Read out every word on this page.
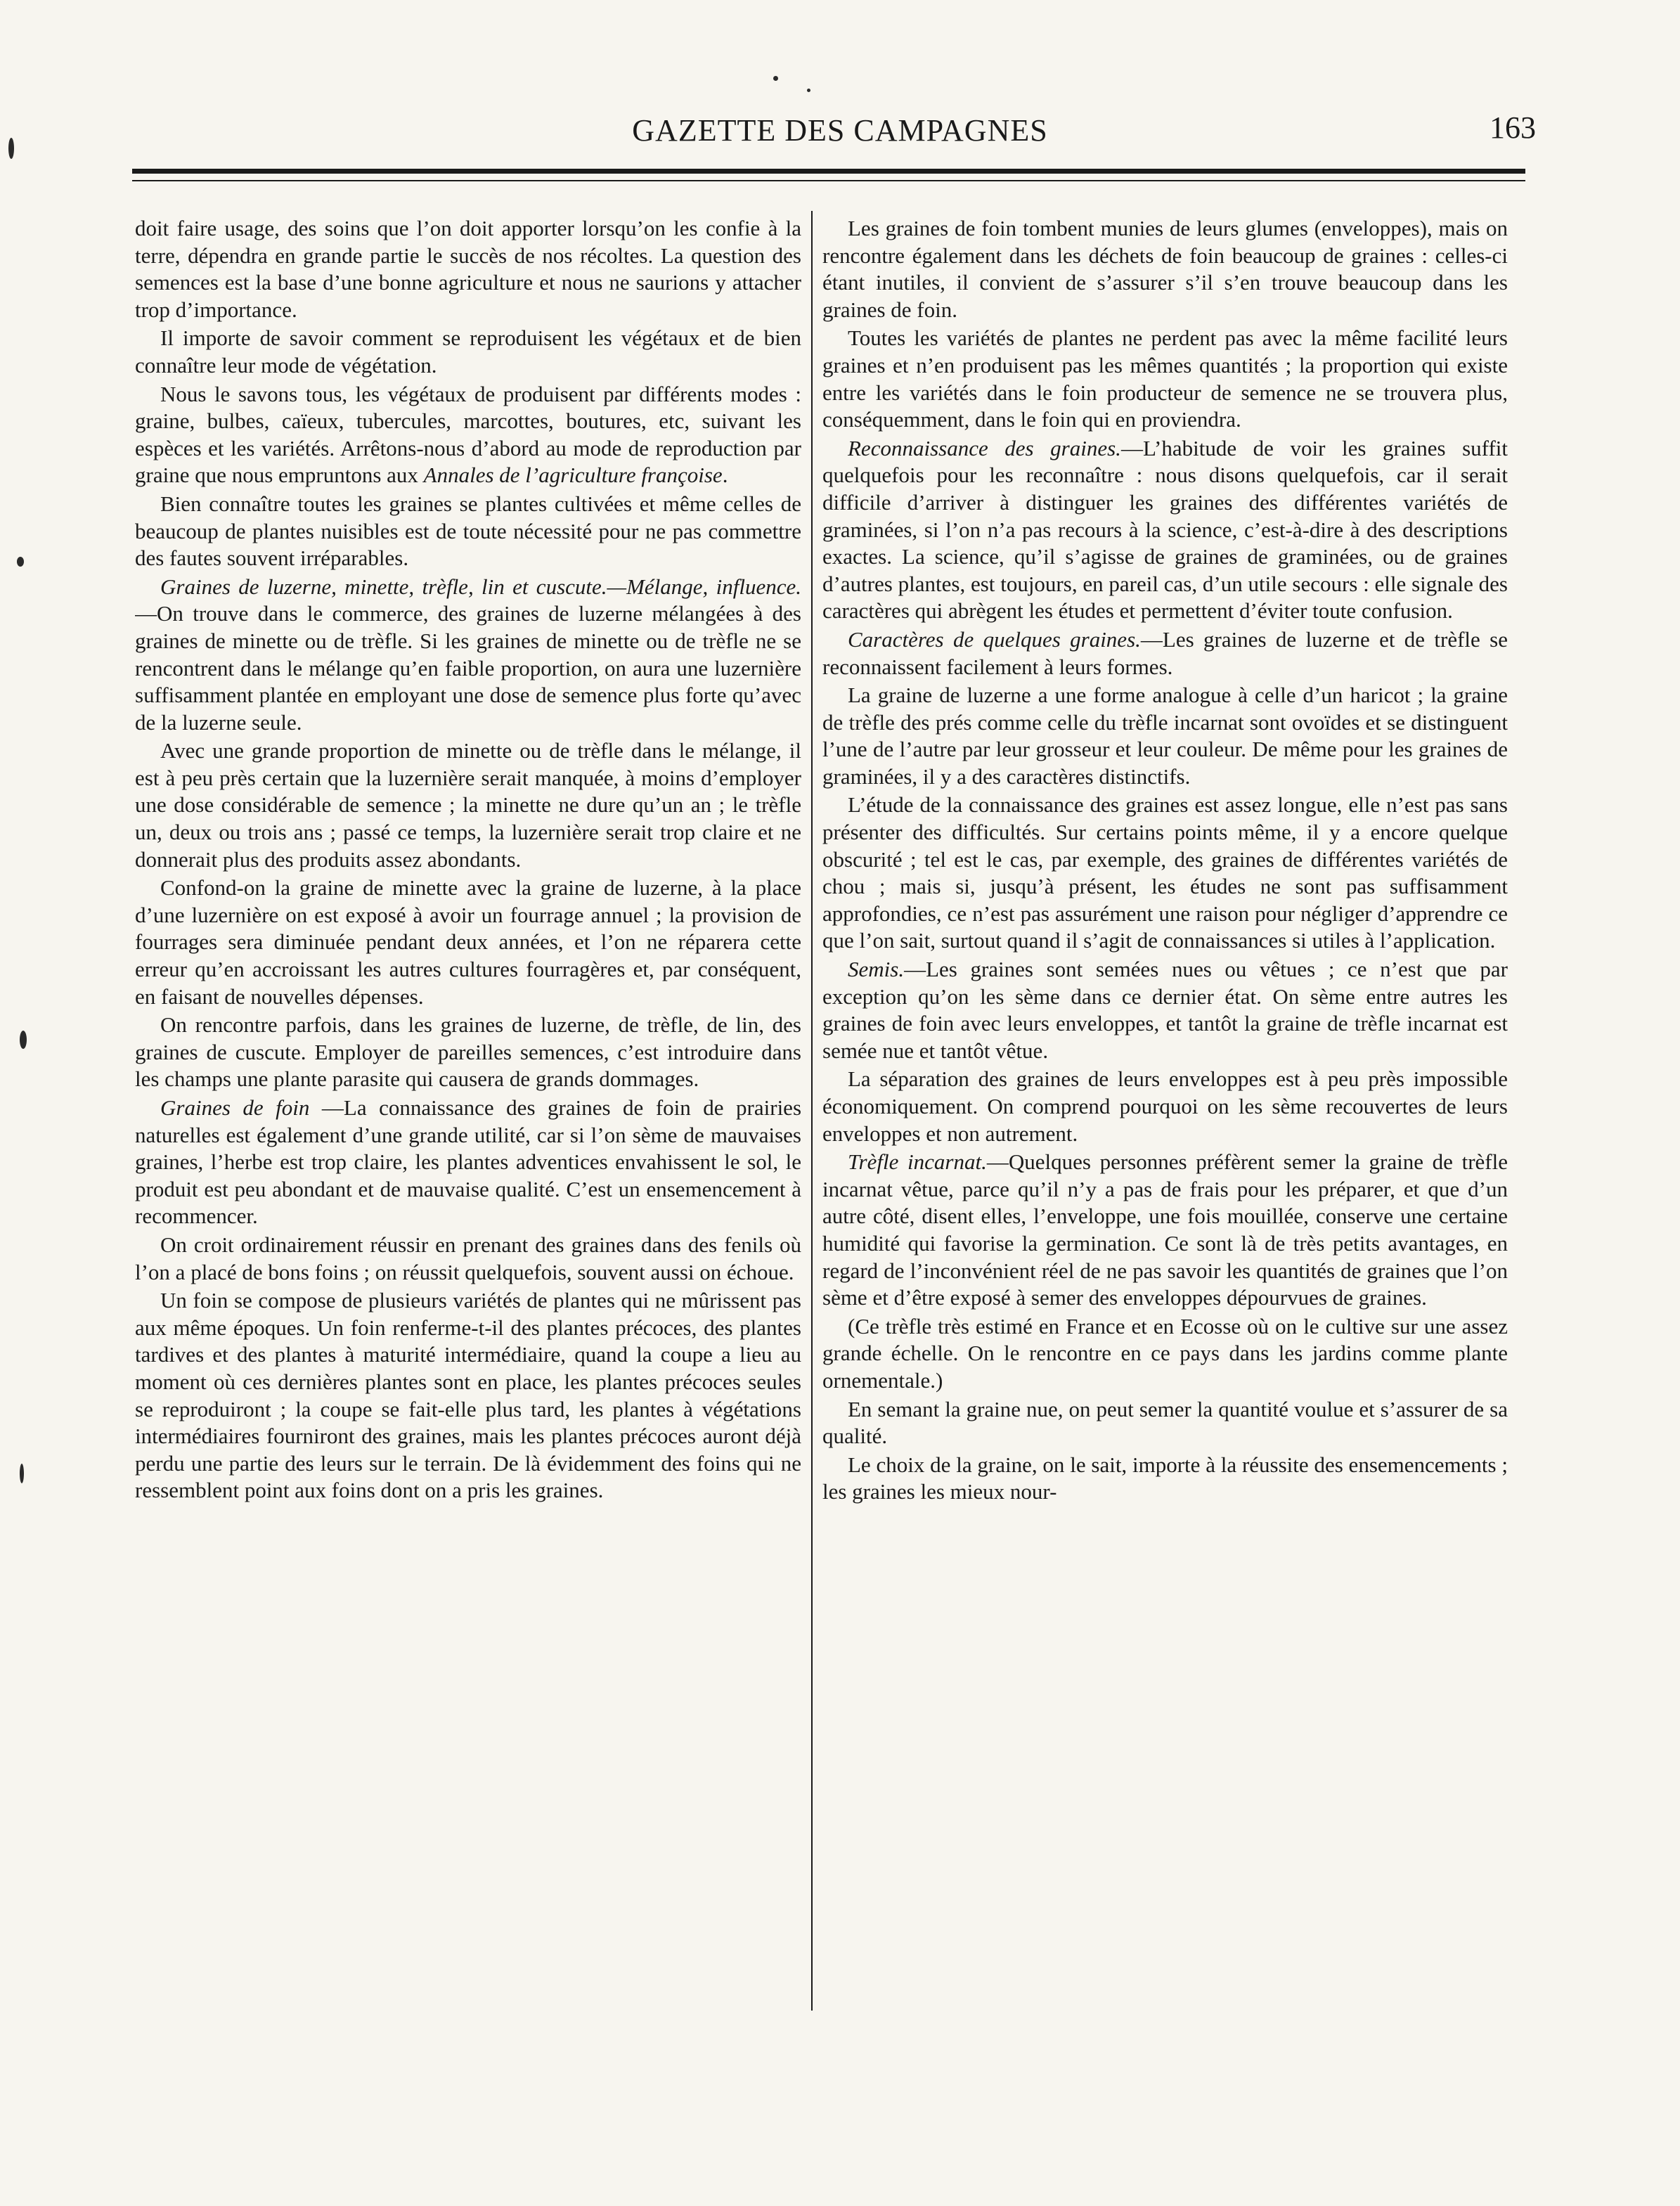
GAZETTE DES CAMPAGNES	163

doit faire usage, des soins que l’on doit apporter lorsqu’on les confie à la terre, dépendra en grande partie le succès de nos récoltes. La question des semences est la base d’une bonne agriculture et nous ne saurions y attacher trop d’importance.

Il importe de savoir comment se reproduisent les végétaux et de bien connaître leur mode de végétation.

Nous le savons tous, les végétaux de produisent par différents modes : graine, bulbes, caïeux, tubercules, marcottes, boutures, etc, suivant les espèces et les variétés. Arrêtons-nous d’abord au mode de reproduction par graine que nous empruntons aux Annales de l’agriculture françoise.

Bien connaître toutes les graines se plantes cultivées et même celles de beaucoup de plantes nuisibles est de toute nécessité pour ne pas commettre des fautes souvent irréparables.

Graines de luzerne, minette, trèfle, lin et cuscute.—Mélange, influence.—On trouve dans le commerce, des graines de luzerne mélangées à des graines de minette ou de trèfle. Si les graines de minette ou de trèfle ne se rencontrent dans le mélange qu’en faible proportion, on aura une luzernière suffisamment plantée en employant une dose de semence plus forte qu’avec de la luzerne seule.

Avec une grande proportion de minette ou de trèfle dans le mélange, il est à peu près certain que la luzernière serait manquée, à moins d’employer une dose considérable de semence ; la minette ne dure qu’un an ; le trèfle un, deux ou trois ans ; passé ce temps, la luzernière serait trop claire et ne donnerait plus des produits assez abondants.

Confond-on la graine de minette avec la graine de luzerne, à la place d’une luzernière on est exposé à avoir un fourrage annuel ; la provision de fourrages sera diminuée pendant deux années, et l’on ne réparera cette erreur qu’en accroissant les autres cultures fourragères et, par conséquent, en faisant de nouvelles dépenses.

On rencontre parfois, dans les graines de luzerne, de trèfle, de lin, des graines de cuscute. Employer de pareilles semences, c’est introduire dans les champs une plante parasite qui causera de grands dommages.

Graines de foin —La connaissance des graines de foin de prairies naturelles est également d’une grande utilité, car si l’on sème de mauvaises graines, l’herbe est trop claire, les plantes adventices envahissent le sol, le produit est peu abondant et de mauvaise qualité. C’est un ensemencement à recommencer.

On croit ordinairement réussir en prenant des graines dans des fenils où l’on a placé de bons foins ; on réussit quelquefois, souvent aussi on échoue.

Un foin se compose de plusieurs variétés de plantes qui ne mûrissent pas aux même époques. Un foin renferme-t-il des plantes précoces, des plantes tardives et des plantes à maturité intermédiaire, quand la coupe a lieu au moment où ces dernières plantes sont en place, les plantes précoces seules se reproduiront ; la coupe se fait-elle plus tard, les plantes à végétations intermédiaires fourniront des graines, mais les plantes précoces auront déjà perdu une partie des leurs sur le terrain. De là évidemment des foins qui ne ressemblent point aux foins dont on a pris les graines.

Les graines de foin tombent munies de leurs glumes (enveloppes), mais on rencontre également dans les déchets de foin beaucoup de graines : celles-ci étant inutiles, il convient de s’assurer s’il s’en trouve beaucoup dans les graines de foin.

Toutes les variétés de plantes ne perdent pas avec la même facilité leurs graines et n’en produisent pas les mêmes quantités ; la proportion qui existe entre les variétés dans le foin producteur de semence ne se trouvera plus, conséquemment, dans le foin qui en proviendra.

Reconnaissance des graines.—L’habitude de voir les graines suffit quelquefois pour les reconnaître : nous disons quelquefois, car il serait difficile d’arriver à distinguer les graines des différentes variétés de graminées, si l’on n’a pas recours à la science, c’est-à-dire à des descriptions exactes. La science, qu’il s’agisse de graines de graminées, ou de graines d’autres plantes, est toujours, en pareil cas, d’un utile secours : elle signale des caractères qui abrègent les études et permettent d’éviter toute confusion.

Caractères de quelques graines.—Les graines de luzerne et de trèfle se reconnaissent facilement à leurs formes.

La graine de luzerne a une forme analogue à celle d’un haricot ; la graine de trèfle des prés comme celle du trèfle incarnat sont ovoïdes et se distinguent l’une de l’autre par leur grosseur et leur couleur. De même pour les graines de graminées, il y a des caractères distinctifs.

L’étude de la connaissance des graines est assez longue, elle n’est pas sans présenter des difficultés. Sur certains points même, il y a encore quelque obscurité ; tel est le cas, par exemple, des graines de différentes variétés de chou ; mais si, jusqu’à présent, les études ne sont pas suffisamment approfondies, ce n’est pas assurément une raison pour négliger d’apprendre ce que l’on sait, surtout quand il s’agit de connaissances si utiles à l’application.

Semis.—Les graines sont semées nues ou vêtues ; ce n’est que par exception qu’on les sème dans ce dernier état. On sème entre autres les graines de foin avec leurs enveloppes, et tantôt la graine de trèfle incarnat est semée nue et tantôt vêtue.

La séparation des graines de leurs enveloppes est à peu près impossible économiquement. On comprend pourquoi on les sème recouvertes de leurs enveloppes et non autrement.

Trèfle incarnat.—Quelques personnes préfèrent semer la graine de trèfle incarnat vêtue, parce qu’il n’y a pas de frais pour les préparer, et que d’un autre côté, disent elles, l’enveloppe, une fois mouillée, conserve une certaine humidité qui favorise la germination. Ce sont là de très petits avantages, en regard de l’inconvénient réel de ne pas savoir les quantités de graines que l’on sème et d’être exposé à semer des enveloppes dépourvues de graines.

(Ce trèfle très estimé en France et en Ecosse où on le cultive sur une assez grande échelle. On le rencontre en ce pays dans les jardins comme plante ornementale.)

En semant la graine nue, on peut semer la quantité voulue et s’assurer de sa qualité.

Le choix de la graine, on le sait, importe à la réussite des ensemencements ; les graines les mieux nour-
